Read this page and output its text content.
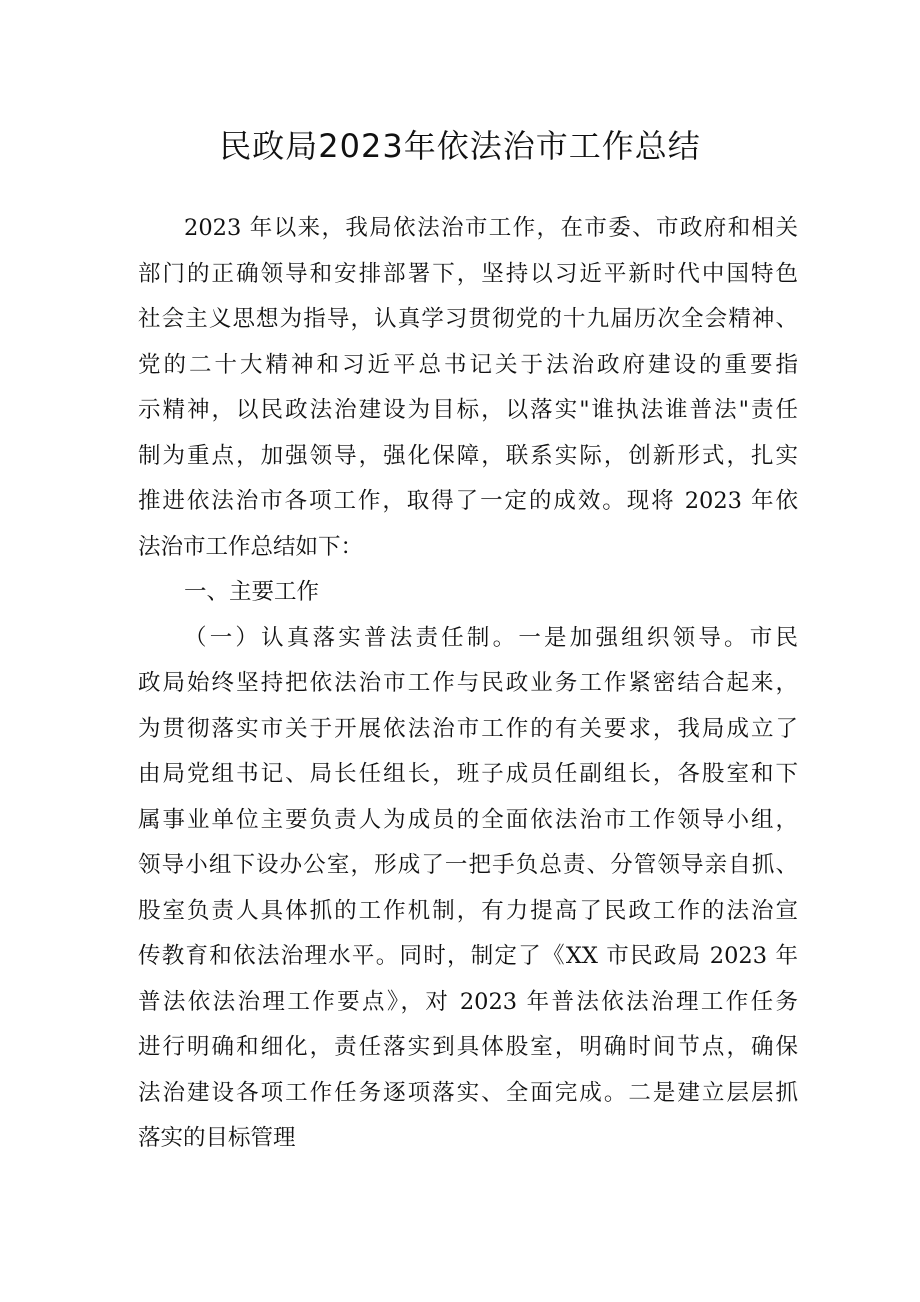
民政局2023年依法治市工作总结
2023 年以来，我局依法治市工作，在市委、市政府和相关
部门的正确领导和安排部署下，坚持以习近平新时代中国特色
社会主义思想为指导，认真学习贯彻党的十九届历次全会精神、
党的二十大精神和习近平总书记关于法治政府建设的重要指
示精神，以民政法治建设为目标，以落实"谁执法谁普法"责任
制为重点，加强领导，强化保障，联系实际，创新形式，扎实
推进依法治市各项工作，取得了一定的成效。现将 2023 年依
法治市工作总结如下：
一、主要工作
（一）认真落实普法责任制。一是加强组织领导。市民
政局始终坚持把依法治市工作与民政业务工作紧密结合起来，
为贯彻落实市关于开展依法治市工作的有关要求，我局成立了
由局党组书记、局长任组长，班子成员任副组长，各股室和下
属事业单位主要负责人为成员的全面依法治市工作领导小组，
领导小组下设办公室，形成了一把手负总责、分管领导亲自抓、
股室负责人具体抓的工作机制，有力提高了民政工作的法治宣
传教育和依法治理水平。同时，制定了《XX 市民政局 2023 年
普法依法治理工作要点》，对 2023 年普法依法治理工作任务
进行明确和细化，责任落实到具体股室，明确时间节点，确保
法治建设各项工作任务逐项落实、全面完成。二是建立层层抓
落实的目标管理
